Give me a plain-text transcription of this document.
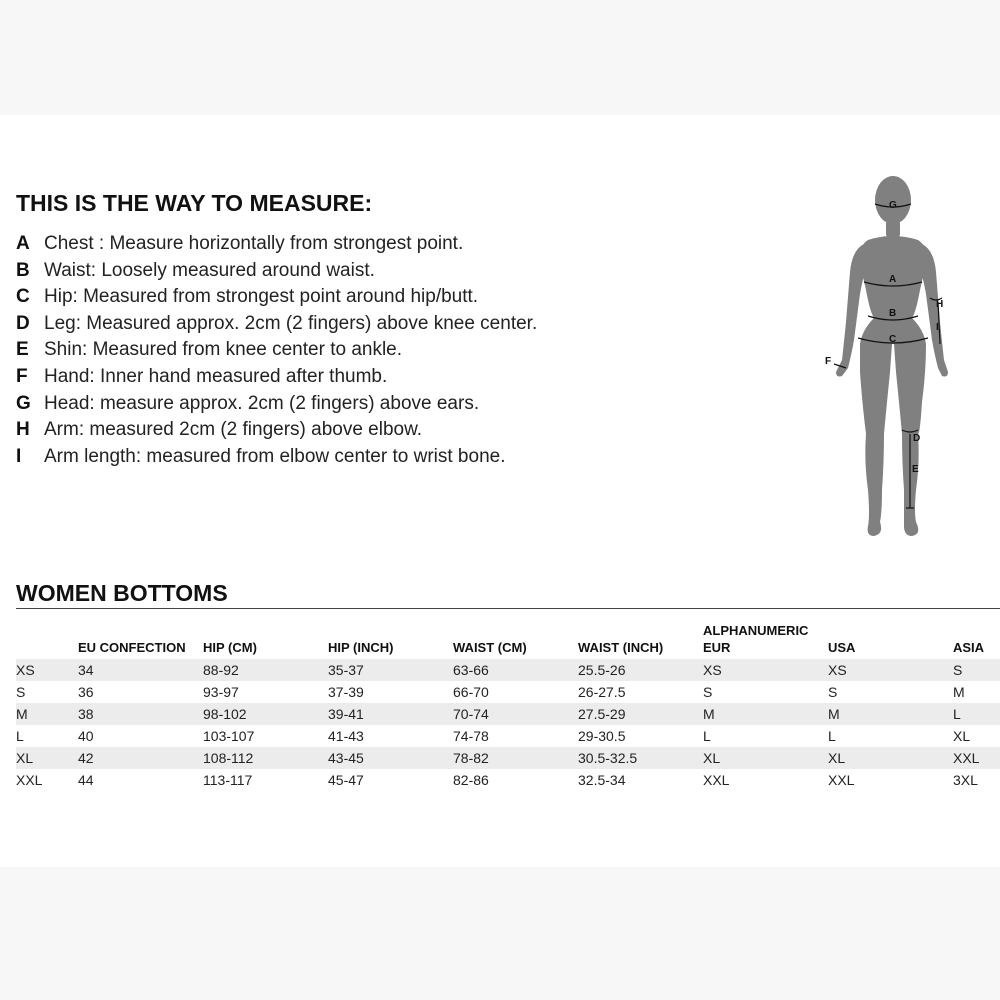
THIS IS THE WAY TO MEASURE:
A Chest : Measure horizontally from strongest point.
B Waist: Loosely measured around waist.
C Hip: Measured from strongest point around hip/butt.
D Leg: Measured approx. 2cm (2 fingers) above knee center.
E Shin: Measured from knee center to ankle.
F Hand: Inner hand measured after thumb.
G Head: measure approx. 2cm (2 fingers) above ears.
H Arm: measured 2cm (2 fingers) above elbow.
I Arm length: measured from elbow center to wrist bone.
G
A
B
C
D
E
F
H
I
WOMEN BOTTOMS
	EU CONFECTION	HIP (CM)	HIP (INCH)	WAIST (CM)	WAIST (INCH)	ALPHANUMERIC EUR	USA	ASIA
XS	34	88-92	35-37	63-66	25.5-26	XS	XS	S
S	36	93-97	37-39	66-70	26-27.5	S	S	M
M	38	98-102	39-41	70-74	27.5-29	M	M	L
L	40	103-107	41-43	74-78	29-30.5	L	L	XL
XL	42	108-112	43-45	78-82	30.5-32.5	XL	XL	XXL
XXL	44	113-117	45-47	82-86	32.5-34	XXL	XXL	3XL
